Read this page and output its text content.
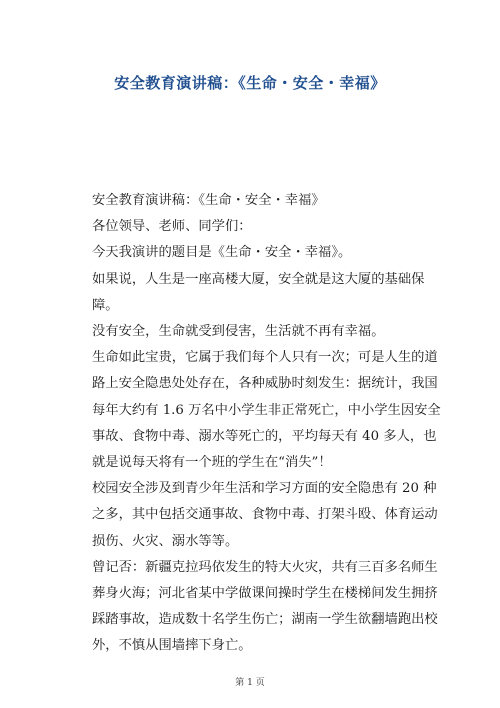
安全教育演讲稿：《生命・安全・幸福》

安全教育演讲稿：《生命・安全・幸福》

各位领导、老师、同学们：

今天我演讲的题目是《生命・安全・幸福》。

如果说，人生是一座高楼大厦，安全就是这大厦的基础保障。

没有安全，生命就受到侵害，生活就不再有幸福。

生命如此宝贵，它属于我们每个人只有一次；可是人生的道路上安全隐患处处存在，各种威胁时刻发生：据统计，我国每年大约有 1.6 万名中小学生非正常死亡，中小学生因安全事故、食物中毒、溺水等死亡的，平均每天有 40 多人，也就是说每天将有一个班的学生在“消失”！

校园安全涉及到青少年生活和学习方面的安全隐患有 20 种之多，其中包括交通事故、食物中毒、打架斗殴、体育运动损伤、火灾、溺水等等。

曾记否：新疆克拉玛依发生的特大火灾，共有三百多名师生葬身火海；河北省某中学做课间操时学生在楼梯间发生拥挤踩踏事故，造成数十名学生伤亡；湖南一学生欲翻墙跑出校外，不慎从围墙摔下身亡。

第 1 页
